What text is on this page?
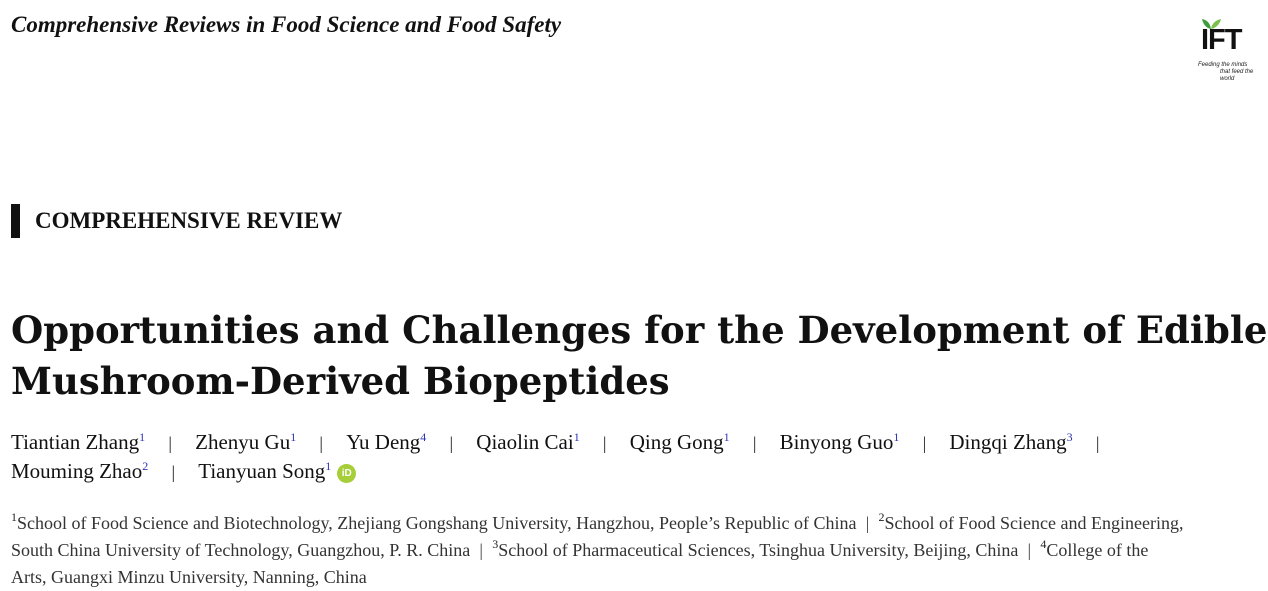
Comprehensive Reviews in Food Science and Food Safety	IFT
Feeding the minds
that feed the world
COMPREHENSIVE REVIEW
Opportunities and Challenges for the Development of Edible
Mushroom-Derived Biopeptides
Tiantian Zhang$^1$ | Zhenyu Gu$^1$ | Yu Deng$^4$ | Qiaolin Cai$^1$ | Qing Gong$^1$ | Binyong Guo$^1$ | Dingqi Zhang$^3$ |
Mouming Zhao$^2$ | Tianyuan Song$^1$iD
$^1$School of Food Science and Biotechnology, Zhejiang Gongshang University, Hangzhou, People’s Republic of China | $^2$School of Food Science and Engineering,
South China University of Technology, Guangzhou, P. R. China | $^3$School of Pharmaceutical Sciences, Tsinghua University, Beijing, China | $^4$College of the
Arts, Guangxi Minzu University, Nanning, China
